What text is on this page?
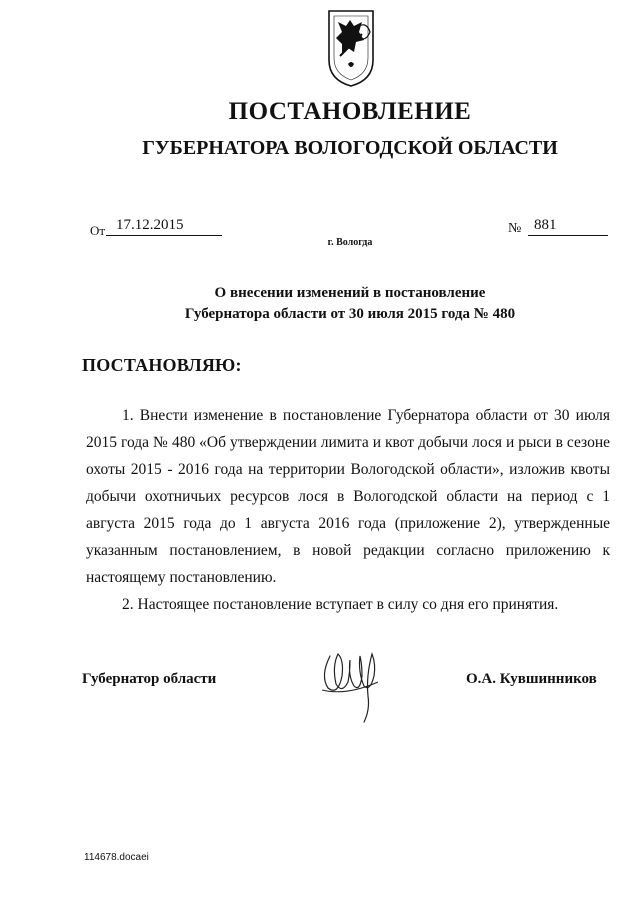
ПОСТАНОВЛЕНИЕ
ГУБЕРНАТОРА ВОЛОГОДСКОЙ ОБЛАСТИ
От 17.12.2015	№ 881
г. Вологда
О внесении изменений в постановление
Губернатора области от 30 июля 2015 года № 480
ПОСТАНОВЛЯЮ:

1. Внести изменение в постановление Губернатора области от 30 июля 2015 года № 480 «Об утверждении лимита и квот добычи лося и рыси в сезоне охоты 2015 - 2016 года на территории Вологодской области», изложив квоты добычи охотничьих ресурсов лося в Вологодской области на период с 1 августа 2015 года до 1 августа 2016 года (приложение 2), утвержденные указанным постановлением, в новой редакции согласно приложению к настоящему постановлению.

2. Настоящее постановление вступает в силу со дня его принятия.

Губернатор области	О.А. Кувшинников
114678.docaei
